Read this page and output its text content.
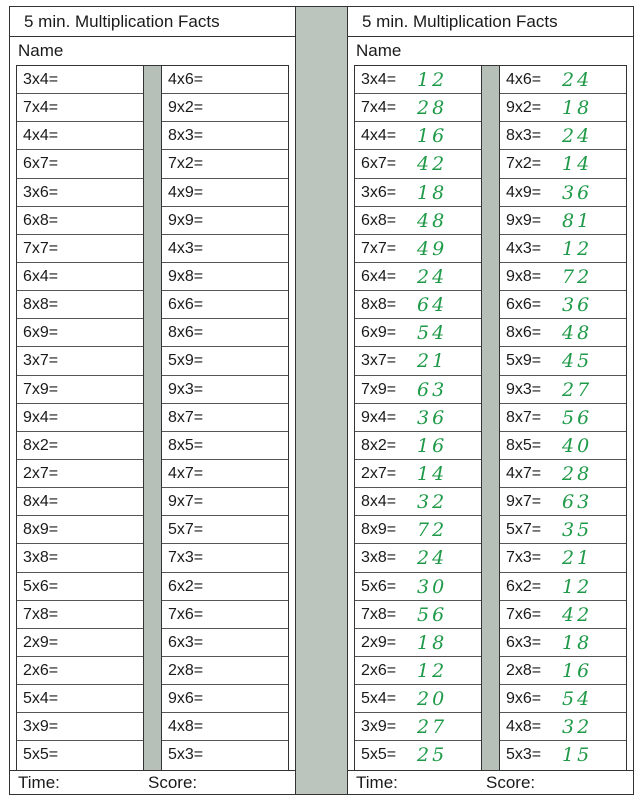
5 min. Multiplication Facts
Name
3x4=
7x4=
4x4=
6x7=
3x6=
6x8=
7x7=
6x4=
8x8=
6x9=
3x7=
7x9=
9x4=
8x2=
2x7=
8x4=
8x9=
3x8=
5x6=
7x8=
2x9=
2x6=
5x4=
3x9=
5x5=
4x6=
9x2=
8x3=
7x2=
4x9=
9x9=
4x3=
9x8=
6x6=
8x6=
5x9=
9x3=
8x7=
8x5=
4x7=
9x7=
5x7=
7x3=
6x2=
7x6=
6x3=
2x8=
9x6=
4x8=
5x3=
Time:	Score:
5 min. Multiplication Facts
Name
3x4= 12
7x4= 28
4x4= 16
6x7= 42
3x6= 18
6x8= 48
7x7= 49
6x4= 24
8x8= 64
6x9= 54
3x7= 21
7x9= 63
9x4= 36
8x2= 16
2x7= 14
8x4= 32
8x9= 72
3x8= 24
5x6= 30
7x8= 56
2x9= 18
2x6= 12
5x4= 20
3x9= 27
5x5= 25
4x6= 24
9x2= 18
8x3= 24
7x2= 14
4x9= 36
9x9= 81
4x3= 12
9x8= 72
6x6= 36
8x6= 48
5x9= 45
9x3= 27
8x7= 56
8x5= 40
4x7= 28
9x7= 63
5x7= 35
7x3= 21
6x2= 12
7x6= 42
6x3= 18
2x8= 16
9x6= 54
4x8= 32
5x3= 15
Time:	Score:
